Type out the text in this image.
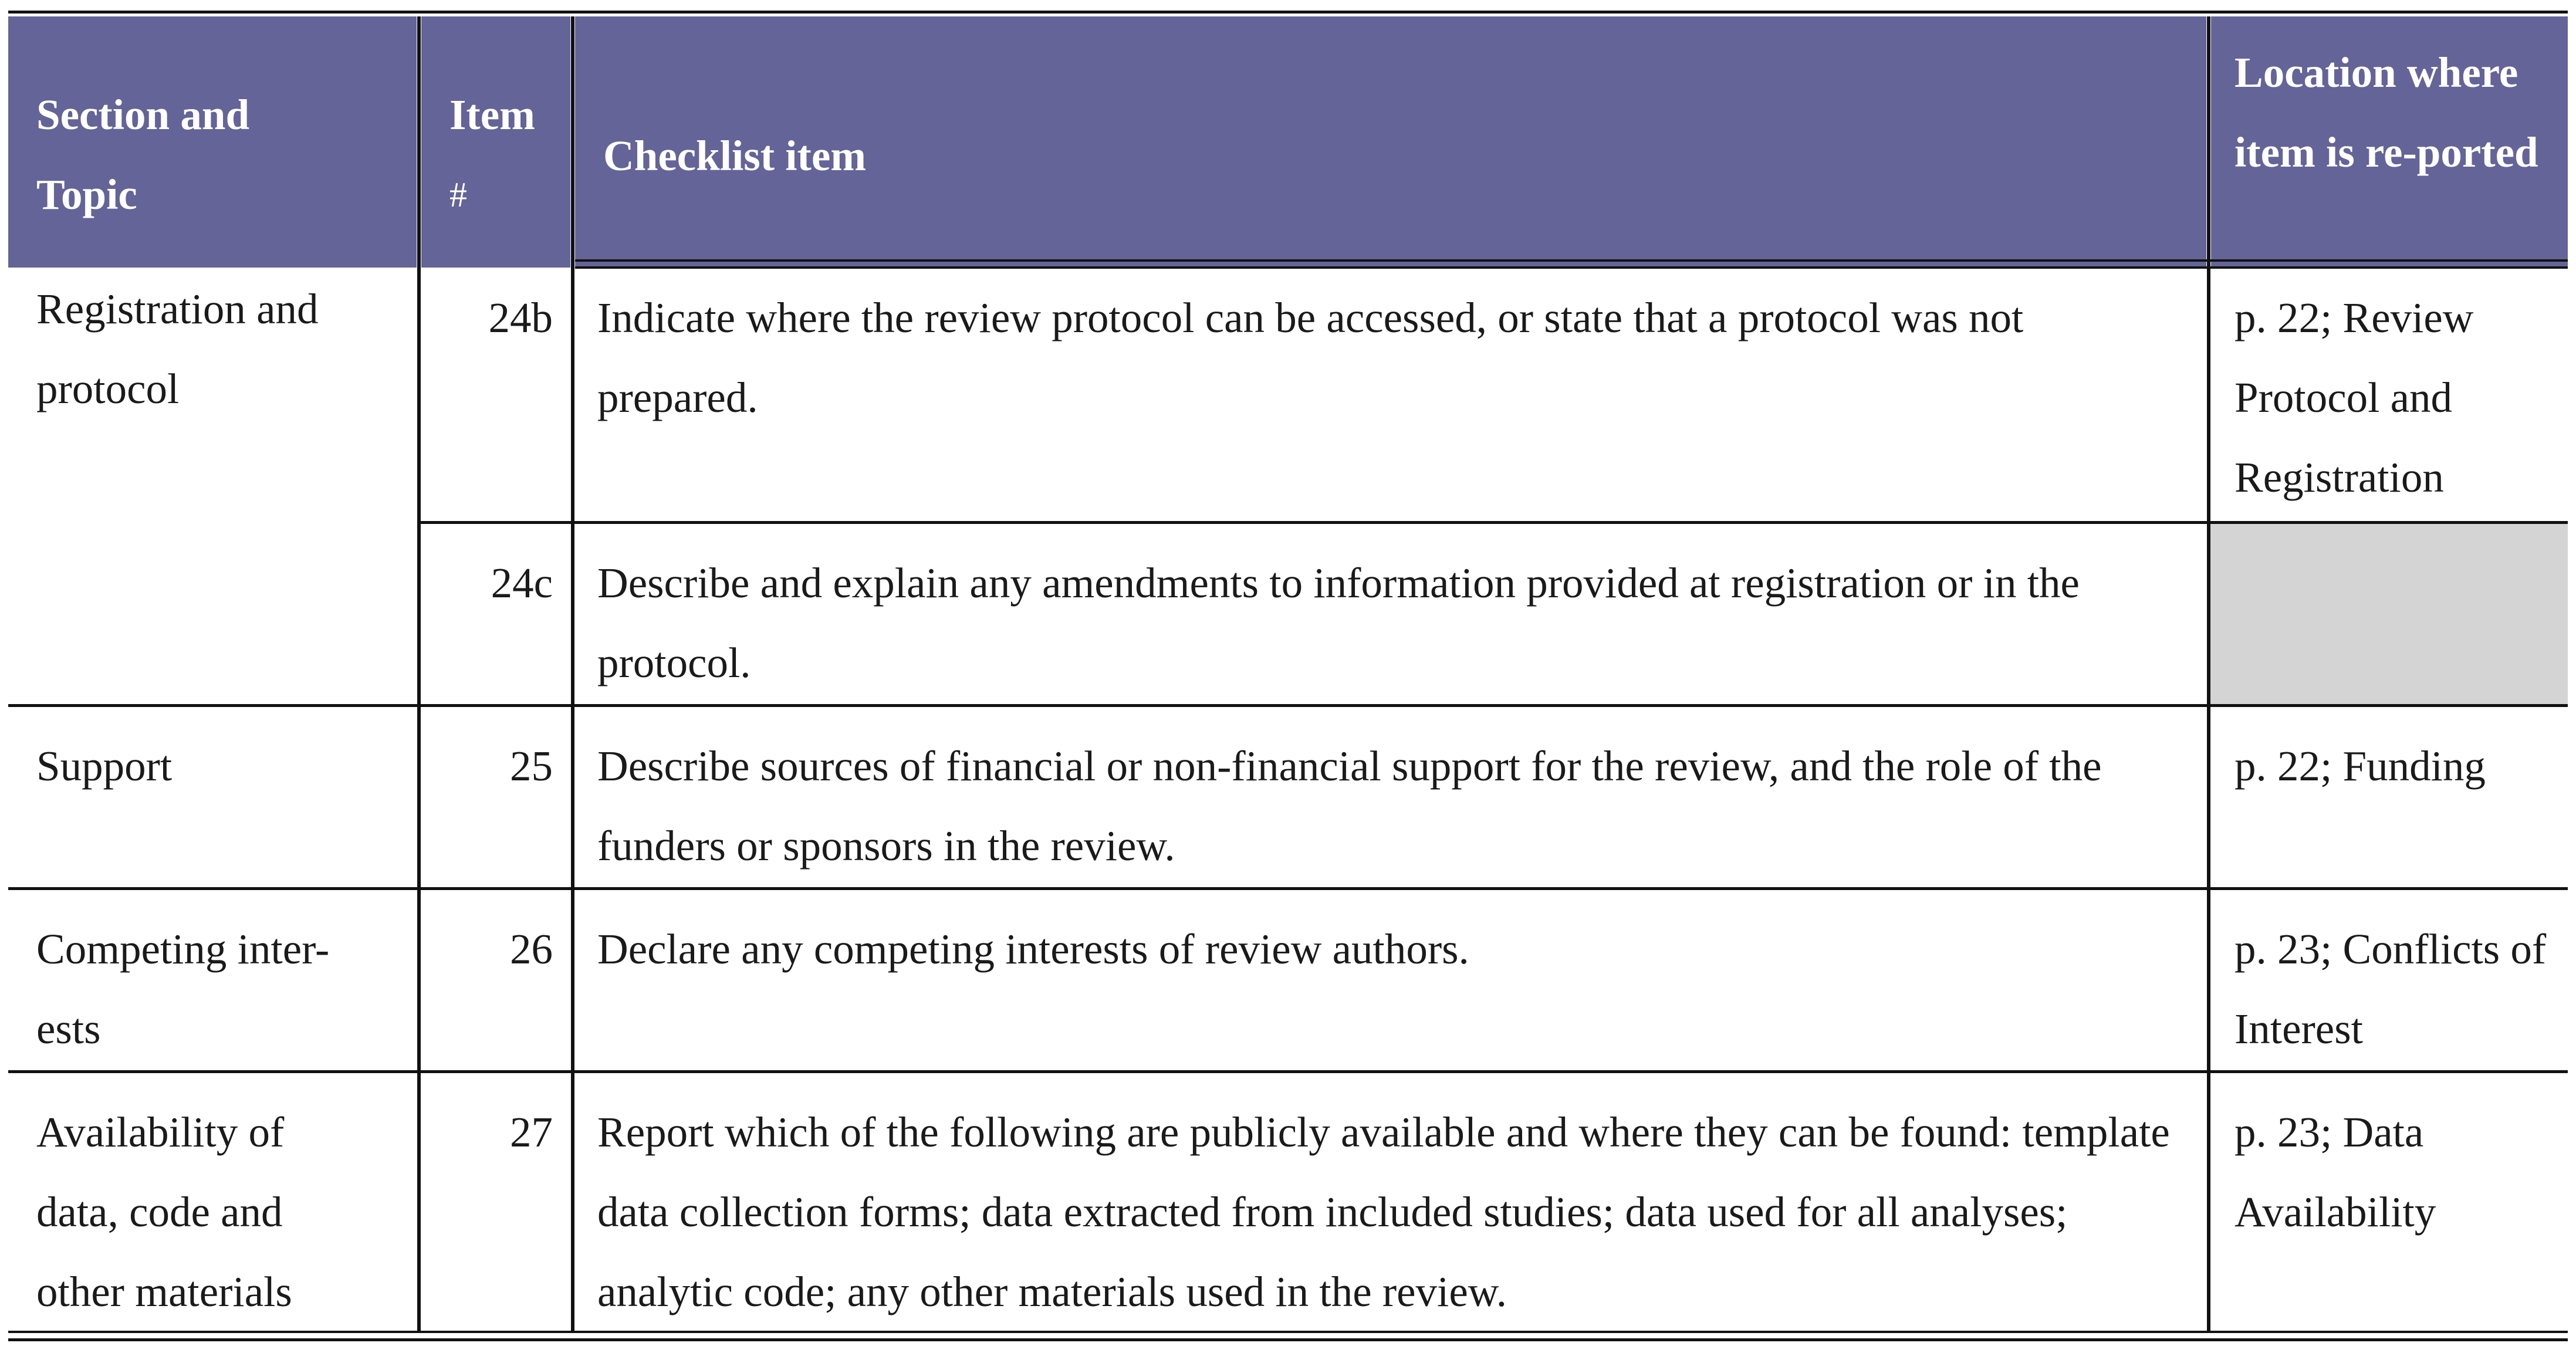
Section and Topic
Item
#
Checklist item
Location where item is re-ported
Registration and protocol
24b Indicate where the review protocol can be accessed, or state that a protocol was not prepared.
p. 22; Review Protocol and Registration
24c Describe and explain any amendments to information provided at registration or in the protocol.
Support	25 Describe sources of financial or non-financial support for the review, and the role of the funders or sponsors in the review.
p. 22; Funding
Competing inter-ests
26 Declare any competing interests of review authors.	p. 23; Conflicts of Interest
Availability of data, code and other materials
27 Report which of the following are publicly available and where they can be found: template data collection forms; data extracted from included studies; data used for all analyses; analytic code; any other materials used in the review.
p. 23; Data Availability
